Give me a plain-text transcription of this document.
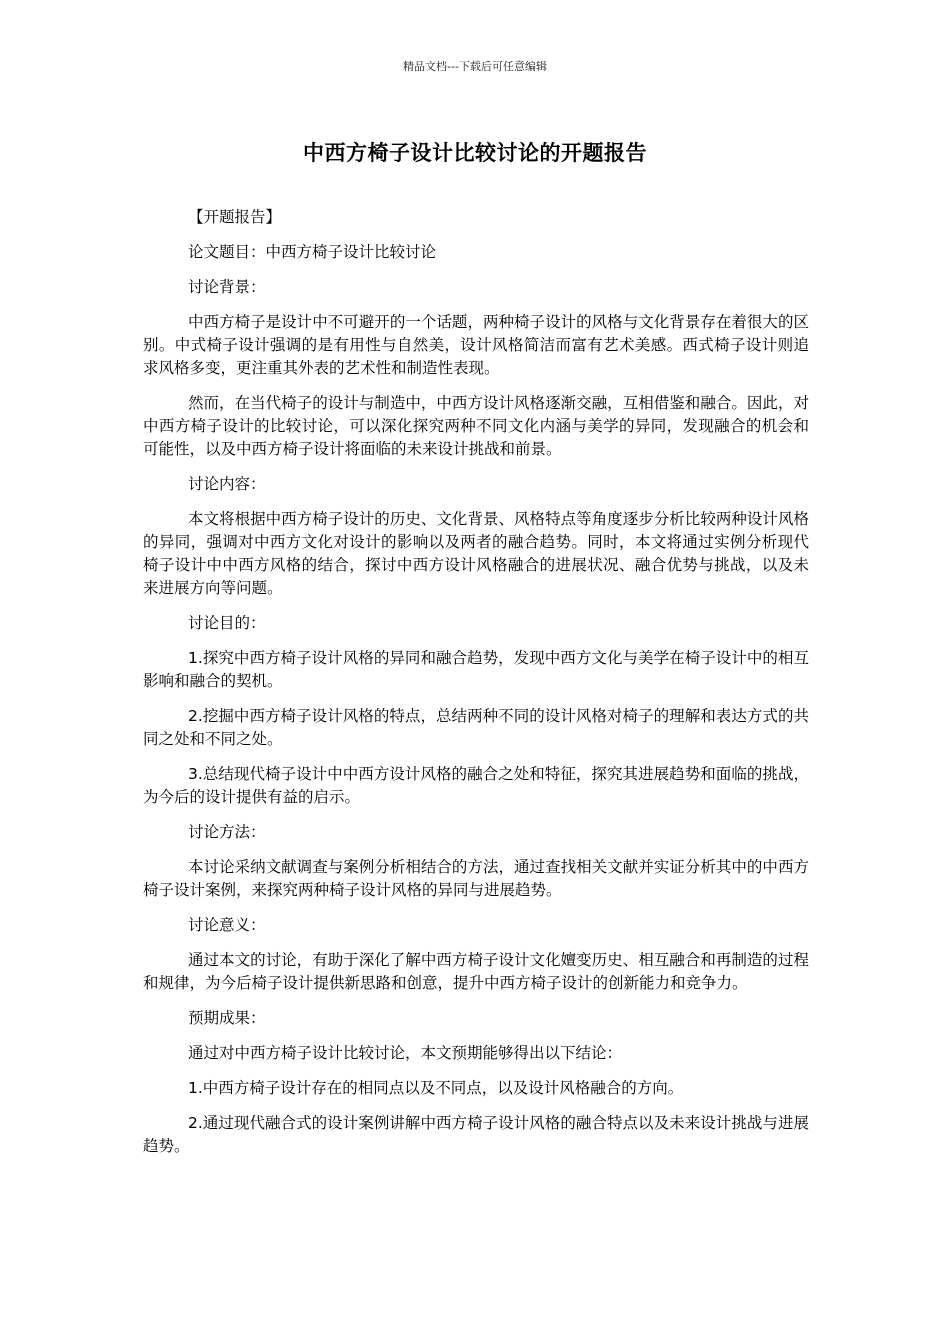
精品文档---下载后可任意编辑
中西方椅子设计比较讨论的开题报告

【开题报告】

论文题目：中西方椅子设计比较讨论

讨论背景：

中西方椅子是设计中不可避开的一个话题，两种椅子设计的风格与文化背景存在着很大的区别。中式椅子设计强调的是有用性与自然美，设计风格简洁而富有艺术美感。西式椅子设计则追求风格多变，更注重其外表的艺术性和制造性表现。

然而，在当代椅子的设计与制造中，中西方设计风格逐渐交融，互相借鉴和融合。因此，对中西方椅子设计的比较讨论，可以深化探究两种不同文化内涵与美学的异同，发现融合的机会和可能性，以及中西方椅子设计将面临的未来设计挑战和前景。

讨论内容：

本文将根据中西方椅子设计的历史、文化背景、风格特点等角度逐步分析比较两种设计风格的异同，强调对中西方文化对设计的影响以及两者的融合趋势。同时，本文将通过实例分析现代椅子设计中中西方风格的结合，探讨中西方设计风格融合的进展状况、融合优势与挑战，以及未来进展方向等问题。

讨论目的：

1.探究中西方椅子设计风格的异同和融合趋势，发现中西方文化与美学在椅子设计中的相互影响和融合的契机。

2.挖掘中西方椅子设计风格的特点，总结两种不同的设计风格对椅子的理解和表达方式的共同之处和不同之处。

3.总结现代椅子设计中中西方设计风格的融合之处和特征，探究其进展趋势和面临的挑战，为今后的设计提供有益的启示。

讨论方法：

本讨论采纳文献调查与案例分析相结合的方法，通过查找相关文献并实证分析其中的中西方椅子设计案例，来探究两种椅子设计风格的异同与进展趋势。

讨论意义：

通过本文的讨论，有助于深化了解中西方椅子设计文化嬗变历史、相互融合和再制造的过程和规律，为今后椅子设计提供新思路和创意，提升中西方椅子设计的创新能力和竞争力。

预期成果：

通过对中西方椅子设计比较讨论，本文预期能够得出以下结论：

1.中西方椅子设计存在的相同点以及不同点，以及设计风格融合的方向。

2.通过现代融合式的设计案例讲解中西方椅子设计风格的融合特点以及未来设计挑战与进展趋势。
